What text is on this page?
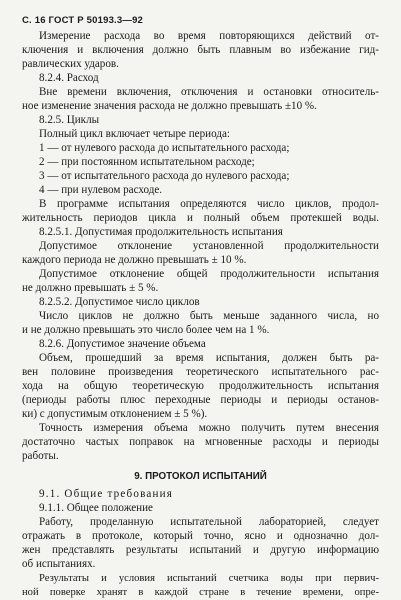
С. 16 ГОСТ Р 50193.3—92
Измерение расхода во время повторяющихся действий от-
ключения и включения должно быть плавным во избежание гид-
равлических ударов.
8.2.4. Расход
Вне времени включения, отключения и остановки относитель-
ное изменение значения расхода не должно превышать ±10 %.
8.2.5. Циклы
Полный цикл включает четыре периода:
1 — от нулевого расхода до испытательного расхода;
2 — при постоянном испытательном расходе;
3 — от испытательного расхода до нулевого расхода;
4 — при нулевом расходе.
В программе испытания определяются число циклов, продол-
жительность периодов цикла и полный объем протекшей воды.
8.2.5.1. Допустимая продолжительность испытания
Допустимое отклонение установленной продолжительности
каждого периода не должно превышать ± 10 %.
Допустимое отклонение общей продолжительности испытания
не должно превышать ± 5 %.
8.2.5.2. Допустимое число циклов
Число циклов не должно быть меньше заданного числа, но
и не должно превышать это число более чем на 1 %.
8.2.6. Допустимое значение объема
Объем, прошедший за время испытания, должен быть ра-
вен половине произведения теоретического испытательного рас-
хода на общую теоретическую продолжительность испытания
(периоды работы плюс переходные периоды и периоды останов-
ки) с допустимым отклонением ± 5 %).
Точность измерения объема можно получить путем внесения
достаточно частых поправок на мгновенные расходы и периоды
работы.
9. ПРОТОКОЛ ИСПЫТАНИЙ
9.1. Общие требования
9.1.1. Общее положение
Работу, проделанную испытательной лабораторией, следует
отражать в протоколе, который точно, ясно и однозначно дол-
жен представлять результаты испытаний и другую информацию
об испытаниях.
Результаты и условия испытаний счетчика воды при первич-
ной поверке хранят в каждой стране в течение времени, опре-
